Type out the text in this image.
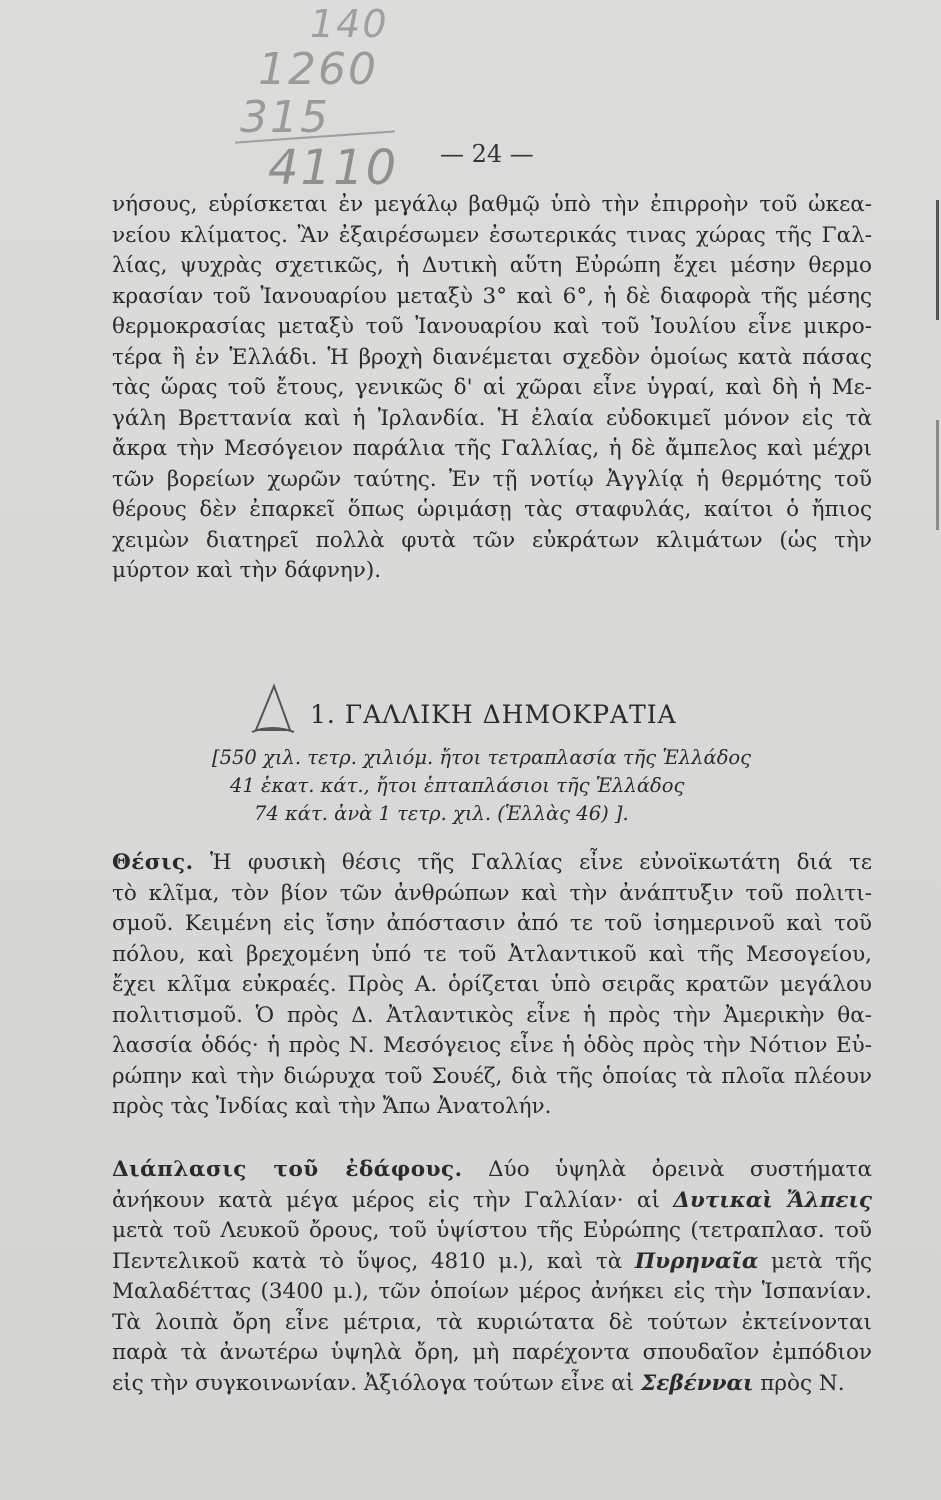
140
1260
315
4110 — 24 —
νήσους, εὑρίσκεται ἐν μεγάλῳ βαθμῷ ὑπὸ τὴν ἐπιρροὴν τοῦ ὠκεα-
νείου κλίματος. Ἂν ἐξαιρέσωμεν ἐσωτερικάς τινας χώρας τῆς Γαλ-
λίας, ψυχρὰς σχετικῶς, ἡ Δυτικὴ αὕτη Εὐρώπη ἔχει μέσην θερμο
κρασίαν τοῦ Ἰανουαρίου μεταξὺ 3° καὶ 6°, ἡ δὲ διαφορὰ τῆς μέσης
θερμοκρασίας μεταξὺ τοῦ Ἰανουαρίου καὶ τοῦ Ἰουλίου εἶνε μικρο-
τέρα ἢ ἐν Ἑλλάδι. Ἡ βροχὴ διανέμεται σχεδὸν ὁμοίως κατὰ πάσας
τὰς ὥρας τοῦ ἔτους, γενικῶς δ' αἱ χῶραι εἶνε ὑγραί, καὶ δὴ ἡ Με-
γάλη Βρεττανία καὶ ἡ Ἰρλανδία. Ἡ ἐλαία εὐδοκιμεῖ μόνον εἰς τὰ
ἄκρα τὴν Μεσόγειον παράλια τῆς Γαλλίας, ἡ δὲ ἄμπελος καὶ μέχρι
τῶν βορείων χωρῶν ταύτης. Ἐν τῇ νοτίῳ Ἀγγλίᾳ ἡ θερμότης τοῦ
θέρους δὲν ἐπαρκεῖ ὅπως ὡριμάσῃ τὰς σταφυλάς, καίτοι ὁ ἤπιος
χειμὼν διατηρεῖ πολλὰ φυτὰ τῶν εὐκράτων κλιμάτων (ὡς τὴν
μύρτον καὶ τὴν δάφνην).
1. ΓΑΛΛΙΚΗ ΔΗΜΟΚΡΑΤΙΑ
[550 χιλ. τετρ. χιλιόμ. ἤτοι τετραπλασία τῆς Ἑλλάδος
41 ἑκατ. κάτ., ἤτοι ἑπταπλάσιοι τῆς Ἑλλάδος
74 κάτ. ἀνὰ 1 τετρ. χιλ. (Ἑλλὰς 46) ].
Θέσις. Ἡ φυσικὴ θέσις τῆς Γαλλίας εἶνε εὐνοϊκωτάτη διά τε
τὸ κλῖμα, τὸν βίον τῶν ἀνθρώπων καὶ τὴν ἀνάπτυξιν τοῦ πολιτι-
σμοῦ. Κειμένη εἰς ἴσην ἀπόστασιν ἀπό τε τοῦ ἰσημερινοῦ καὶ τοῦ
πόλου, καὶ βρεχομένη ὑπό τε τοῦ Ἀτλαντικοῦ καὶ τῆς Μεσογείου,
ἔχει κλῖμα εὐκραές. Πρὸς Α. ὁρίζεται ὑπὸ σειρᾶς κρατῶν μεγάλου
πολιτισμοῦ. Ὁ πρὸς Δ. Ἀτλαντικὸς εἶνε ἡ πρὸς τὴν Ἀμερικὴν θα-
λασσία ὁδός· ἡ πρὸς Ν. Μεσόγειος εἶνε ἡ ὁδὸς πρὸς τὴν Νότιον Εὐ-
ρώπην καὶ τὴν διώρυχα τοῦ Σουέζ, διὰ τῆς ὁποίας τὰ πλοῖα πλέουν
πρὸς τὰς Ἰνδίας καὶ τὴν Ἄπω Ἀνατολήν.
Διάπλασις τοῦ ἐδάφους. Δύο ὑψηλὰ ὀρεινὰ συστήματα
ἀνήκουν κατὰ μέγα μέρος εἰς τὴν Γαλλίαν· αἱ Δυτικαὶ Ἄλπεις
μετὰ τοῦ Λευκοῦ ὄρους, τοῦ ὑψίστου τῆς Εὐρώπης (τετραπλασ. τοῦ
Πεντελικοῦ κατὰ τὸ ὕψος, 4810 μ.), καὶ τὰ Πυρηναῖα μετὰ τῆς
Μαλαδέττας (3400 μ.), τῶν ὁποίων μέρος ἀνήκει εἰς τὴν Ἱσπανίαν.
Τὰ λοιπὰ ὄρη εἶνε μέτρια, τὰ κυριώτατα δὲ τούτων ἐκτείνονται
παρὰ τὰ ἀνωτέρω ὑψηλὰ ὄρη, μὴ παρέχοντα σπουδαῖον ἐμπόδιον
εἰς τὴν συγκοινωνίαν. Ἀξιόλογα τούτων εἶνε αἱ Σεβένναι πρὸς Ν.
